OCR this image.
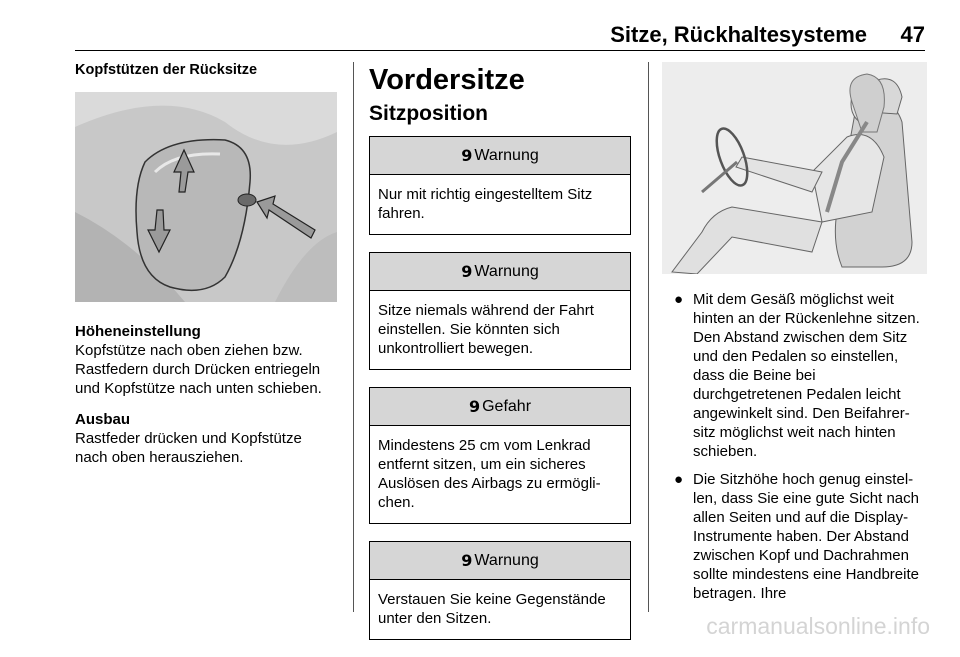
Sitze, Rückhaltesysteme 47
Kopfstützen der Rücksitze
Höheneinstellung
Kopfstütze nach oben ziehen bzw. Rastfedern durch Drücken entriegeln und Kopfstütze nach unten schieben.
Ausbau
Rastfeder drücken und Kopfstütze nach oben herausziehen.
Vordersitze
Sitzposition
9 Warnung
Nur mit richtig eingestelltem Sitz fahren.
9 Warnung
Sitze niemals während der Fahrt einstellen. Sie könnten sich unkontrolliert bewegen.
9 Gefahr
Mindestens 25 cm vom Lenkrad entfernt sitzen, um ein sicheres Auslösen des Airbags zu ermögli-chen.
9 Warnung
Verstauen Sie keine Gegenstände unter den Sitzen.
● Mit dem Gesäß möglichst weit hinten an der Rückenlehne sitzen. Den Abstand zwischen dem Sitz und den Pedalen so einstellen, dass die Beine bei durchgetretenen Pedalen leicht angewinkelt sind. Den Beifahrer-sitz möglichst weit nach hinten schieben.
● Die Sitzhöhe hoch genug einstel-len, dass Sie eine gute Sicht nach allen Seiten und auf die Display-Instrumente haben. Der Abstand zwischen Kopf und Dachrahmen sollte mindestens eine Handbreite betragen. Ihre
carmanualsonline.info
